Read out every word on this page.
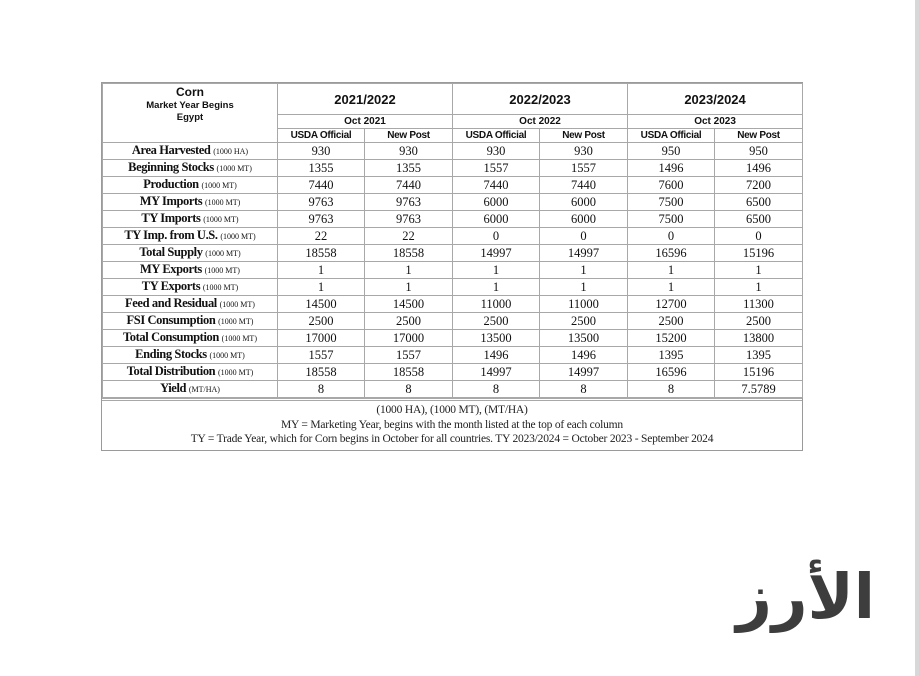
Corn
Market Year Begins
Egypt	2021/2022		2022/2023		2023/2024	
	Oct 2021		Oct 2022		Oct 2023	
	USDA Official	New Post	USDA Official	New Post	USDA Official	New Post
Area Harvested (1000 HA)	930	930	930	930	950	950
Beginning Stocks (1000 MT)	1355	1355	1557	1557	1496	1496
Production (1000 MT)	7440	7440	7440	7440	7600	7200
MY Imports (1000 MT)	9763	9763	6000	6000	7500	6500
TY Imports (1000 MT)	9763	9763	6000	6000	7500	6500
TY Imp. from U.S. (1000 MT)	22	22	0	0	0	0
Total Supply (1000 MT)	18558	18558	14997	14997	16596	15196
MY Exports (1000 MT)	1	1	1	1	1	1
TY Exports (1000 MT)	1	1	1	1	1	1
Feed and Residual (1000 MT)	14500	14500	11000	11000	12700	11300
FSI Consumption (1000 MT)	2500	2500	2500	2500	2500	2500
Total Consumption (1000 MT)	17000	17000	13500	13500	15200	13800
Ending Stocks (1000 MT)	1557	1557	1496	1496	1395	1395
Total Distribution (1000 MT)	18558	18558	14997	14997	16596	15196
Yield (MT/HA)	8	8	8	8	8	7.5789
(1000 HA), (1000 MT), (MT/HA)
MY = Marketing Year, begins with the month listed at the top of each column
TY = Trade Year, which for Corn begins in October for all countries. TY 2023/2024 = October 2023 - September 2024
الأرز
